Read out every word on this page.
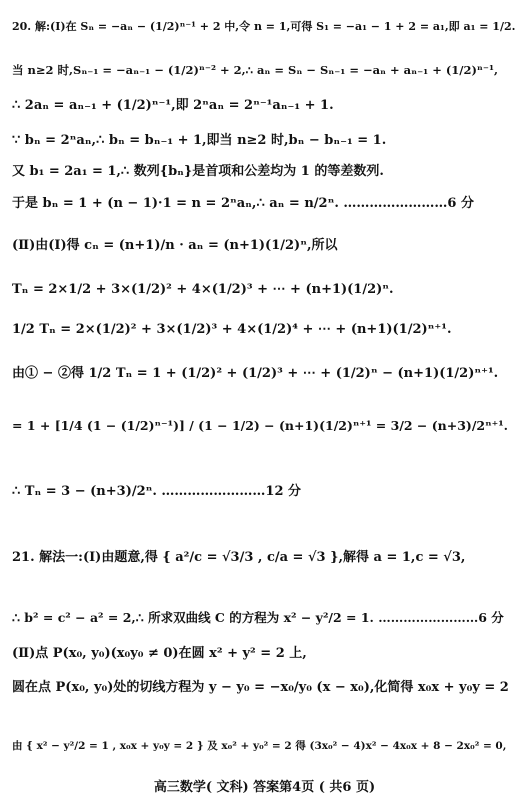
20. 解:(Ⅰ)在 Sₙ = −aₙ − (1/2)ⁿ⁻¹ + 2 中,令 n = 1,可得 S₁ = −a₁ − 1 + 2 = a₁,即 a₁ = 1/2.
当 n≥2 时,Sₙ₋₁ = −aₙ₋₁ − (1/2)ⁿ⁻² + 2,∴ aₙ = Sₙ − Sₙ₋₁ = −aₙ + aₙ₋₁ + (1/2)ⁿ⁻¹,
∴ 2aₙ = aₙ₋₁ + (1/2)ⁿ⁻¹,即 2ⁿaₙ = 2ⁿ⁻¹aₙ₋₁ + 1.
∵ bₙ = 2ⁿaₙ,∴ bₙ = bₙ₋₁ + 1,即当 n≥2 时,bₙ − bₙ₋₁ = 1.
又 b₁ = 2a₁ = 1,∴ 数列{bₙ}是首项和公差均为 1 的等差数列.
于是 bₙ = 1 + (n − 1)·1 = n = 2ⁿaₙ,∴ aₙ = n/2ⁿ. ……………………6 分
(Ⅱ)由(Ⅰ)得 cₙ = (n+1)/n · aₙ = (n+1)(1/2)ⁿ,所以
Tₙ = 2×1/2 + 3×(1/2)² + 4×(1/2)³ + ⋯ + (n+1)(1/2)ⁿ.
1/2 Tₙ = 2×(1/2)² + 3×(1/2)³ + 4×(1/2)⁴ + ⋯ + (n+1)(1/2)ⁿ⁺¹.
由① − ②得 1/2 Tₙ = 1 + (1/2)² + (1/2)³ + ⋯ + (1/2)ⁿ − (n+1)(1/2)ⁿ⁺¹.
= 1 + [1/4 (1 − (1/2)ⁿ⁻¹)] / (1 − 1/2) − (n+1)(1/2)ⁿ⁺¹ = 3/2 − (n+3)/2ⁿ⁺¹.
∴ Tₙ = 3 − (n+3)/2ⁿ. ……………………12 分
21. 解法一:(Ⅰ)由题意,得 { a²/c = √3/3 , c/a = √3 },解得 a = 1,c = √3,
∴ b² = c² − a² = 2,∴ 所求双曲线 C 的方程为 x² − y²/2 = 1. ……………………6 分
(Ⅱ)点 P(x₀, y₀)(x₀y₀ ≠ 0)在圆 x² + y² = 2 上,
圆在点 P(x₀, y₀)处的切线方程为 y − y₀ = −x₀/y₀ (x − x₀),化简得 x₀x + y₀y = 2
由 { x² − y²/2 = 1 , x₀x + y₀y = 2 } 及 x₀² + y₀² = 2 得 (3x₀² − 4)x² − 4x₀x + 8 − 2x₀² = 0,
高三数学( 文科) 答案第4页 ( 共6 页)
